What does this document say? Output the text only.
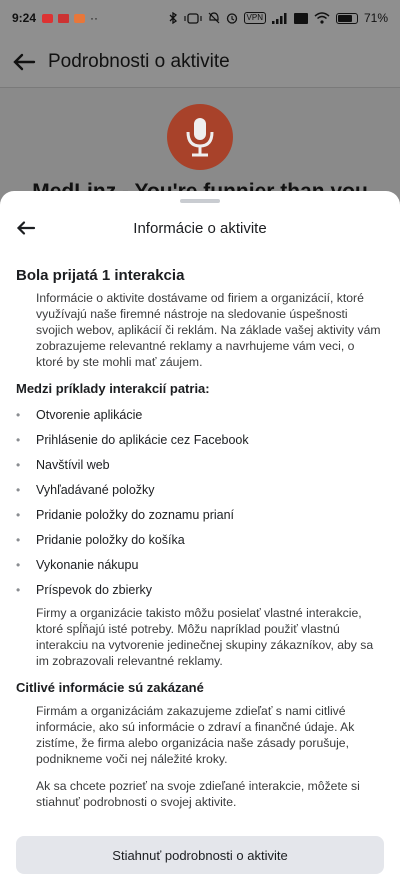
9:24	··	VPN	71%
Podrobnosti o aktivite
Informácie o aktivite
Bola prijatá 1 interakcia

Informácie o aktivite dostávame od firiem a organizácií, ktoré využívajú naše firemné nástroje na sledovanie úspešnosti svojich webov, aplikácií či reklám. Na základe vašej aktivity vám zobrazujeme relevantné reklamy a navrhujeme vám veci, o ktoré by ste mohli mať záujem.

Medzi príklady interakcií patria:
•	Otvorenie aplikácie
•	Prihlásenie do aplikácie cez Facebook
•	Navštívil web
•	Vyhľadávané položky
•	Pridanie položky do zoznamu prianí
•	Pridanie položky do košíka
•	Vykonanie nákupu
•	Príspevok do zbierky

Firmy a organizácie takisto môžu posielať vlastné interakcie, ktoré spĺňajú isté potreby. Môžu napríklad použiť vlastnú interakciu na vytvorenie jedinečnej skupiny zákazníkov, aby sa im zobrazovali relevantné reklamy.

Citlivé informácie sú zakázané

Firmám a organizáciám zakazujeme zdieľať s nami citlivé informácie, ako sú informácie o zdraví a finančné údaje. Ak zistíme, že firma alebo organizácia naše zásady porušuje, podnikneme voči nej náležité kroky.

Ak sa chcete pozrieť na svoje zdieľané interakcie, môžete si stiahnuť podrobnosti o svojej aktivite.

Stiahnuť podrobnosti o aktivite
